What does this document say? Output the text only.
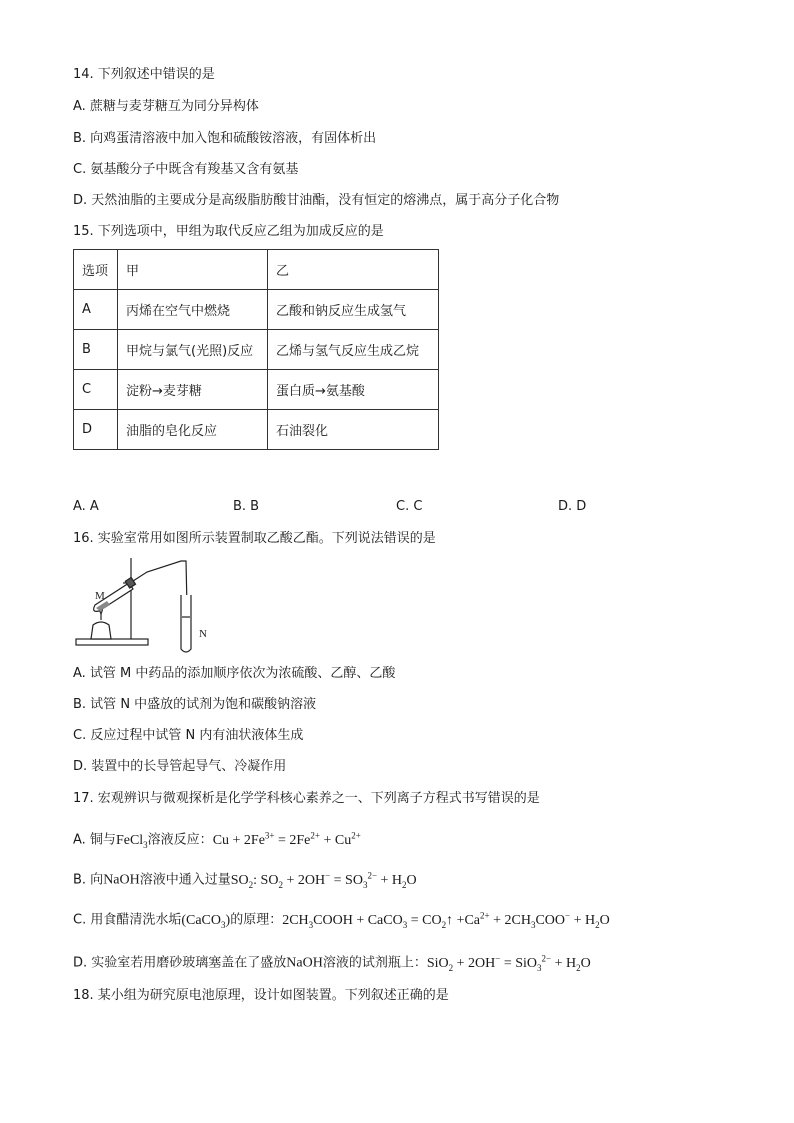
14. 下列叙述中错误的是
A. 蔗糖与麦芽糖互为同分异构体
B. 向鸡蛋清溶液中加入饱和硫酸铵溶液，有固体析出
C. 氨基酸分子中既含有羧基又含有氨基
D. 天然油脂的主要成分是高级脂肪酸甘油酯，没有恒定的熔沸点，属于高分子化合物
15. 下列选项中，甲组为取代反应乙组为加成反应的是
选项	甲	乙
A	丙烯在空气中燃烧	乙酸和钠反应生成氢气
B	甲烷与氯气(光照)反应	乙烯与氢气反应生成乙烷
C	淀粉→麦芽糖	蛋白质→氨基酸
D	油脂的皂化反应	石油裂化
A. A	B. B	C. C	D. D
16. 实验室常用如图所示装置制取乙酸乙酯。下列说法错误的是
M
N
A. 试管 M 中药品的添加顺序依次为浓硫酸、乙醇、乙酸
B. 试管 N 中盛放的试剂为饱和碳酸钠溶液
C. 反应过程中试管 N 内有油状液体生成
D. 装置中的长导管起导气、冷凝作用
17. 宏观辨识与微观探析是化学学科核心素养之一、下列离子方程式书写错误的是
A. 铜与FeCl$_3$溶液反应：$Cu + 2Fe^{3+} = 2Fe^{2+} + Cu^{2+}$
B. 向NaOH溶液中通入过量$SO_2$: $SO_2 + 2OH^- = SO_3^{2-} + H_2O$
C. 用食醋清洗水垢(CaCO$_3$)的原理：$2CH_3COOH$ + CaCO$_3$ = $CO_2↑ +Ca^{2+} + 2CH_3COO^- + H_2O$
D. 实验室若用磨砂玻璃塞盖在了盛放NaOH溶液的试剂瓶上：$SiO_2 + 2OH^- = SiO_3^{2-} + H_2O$
18. 某小组为研究原电池原理，设计如图装置。下列叙述正确的是
